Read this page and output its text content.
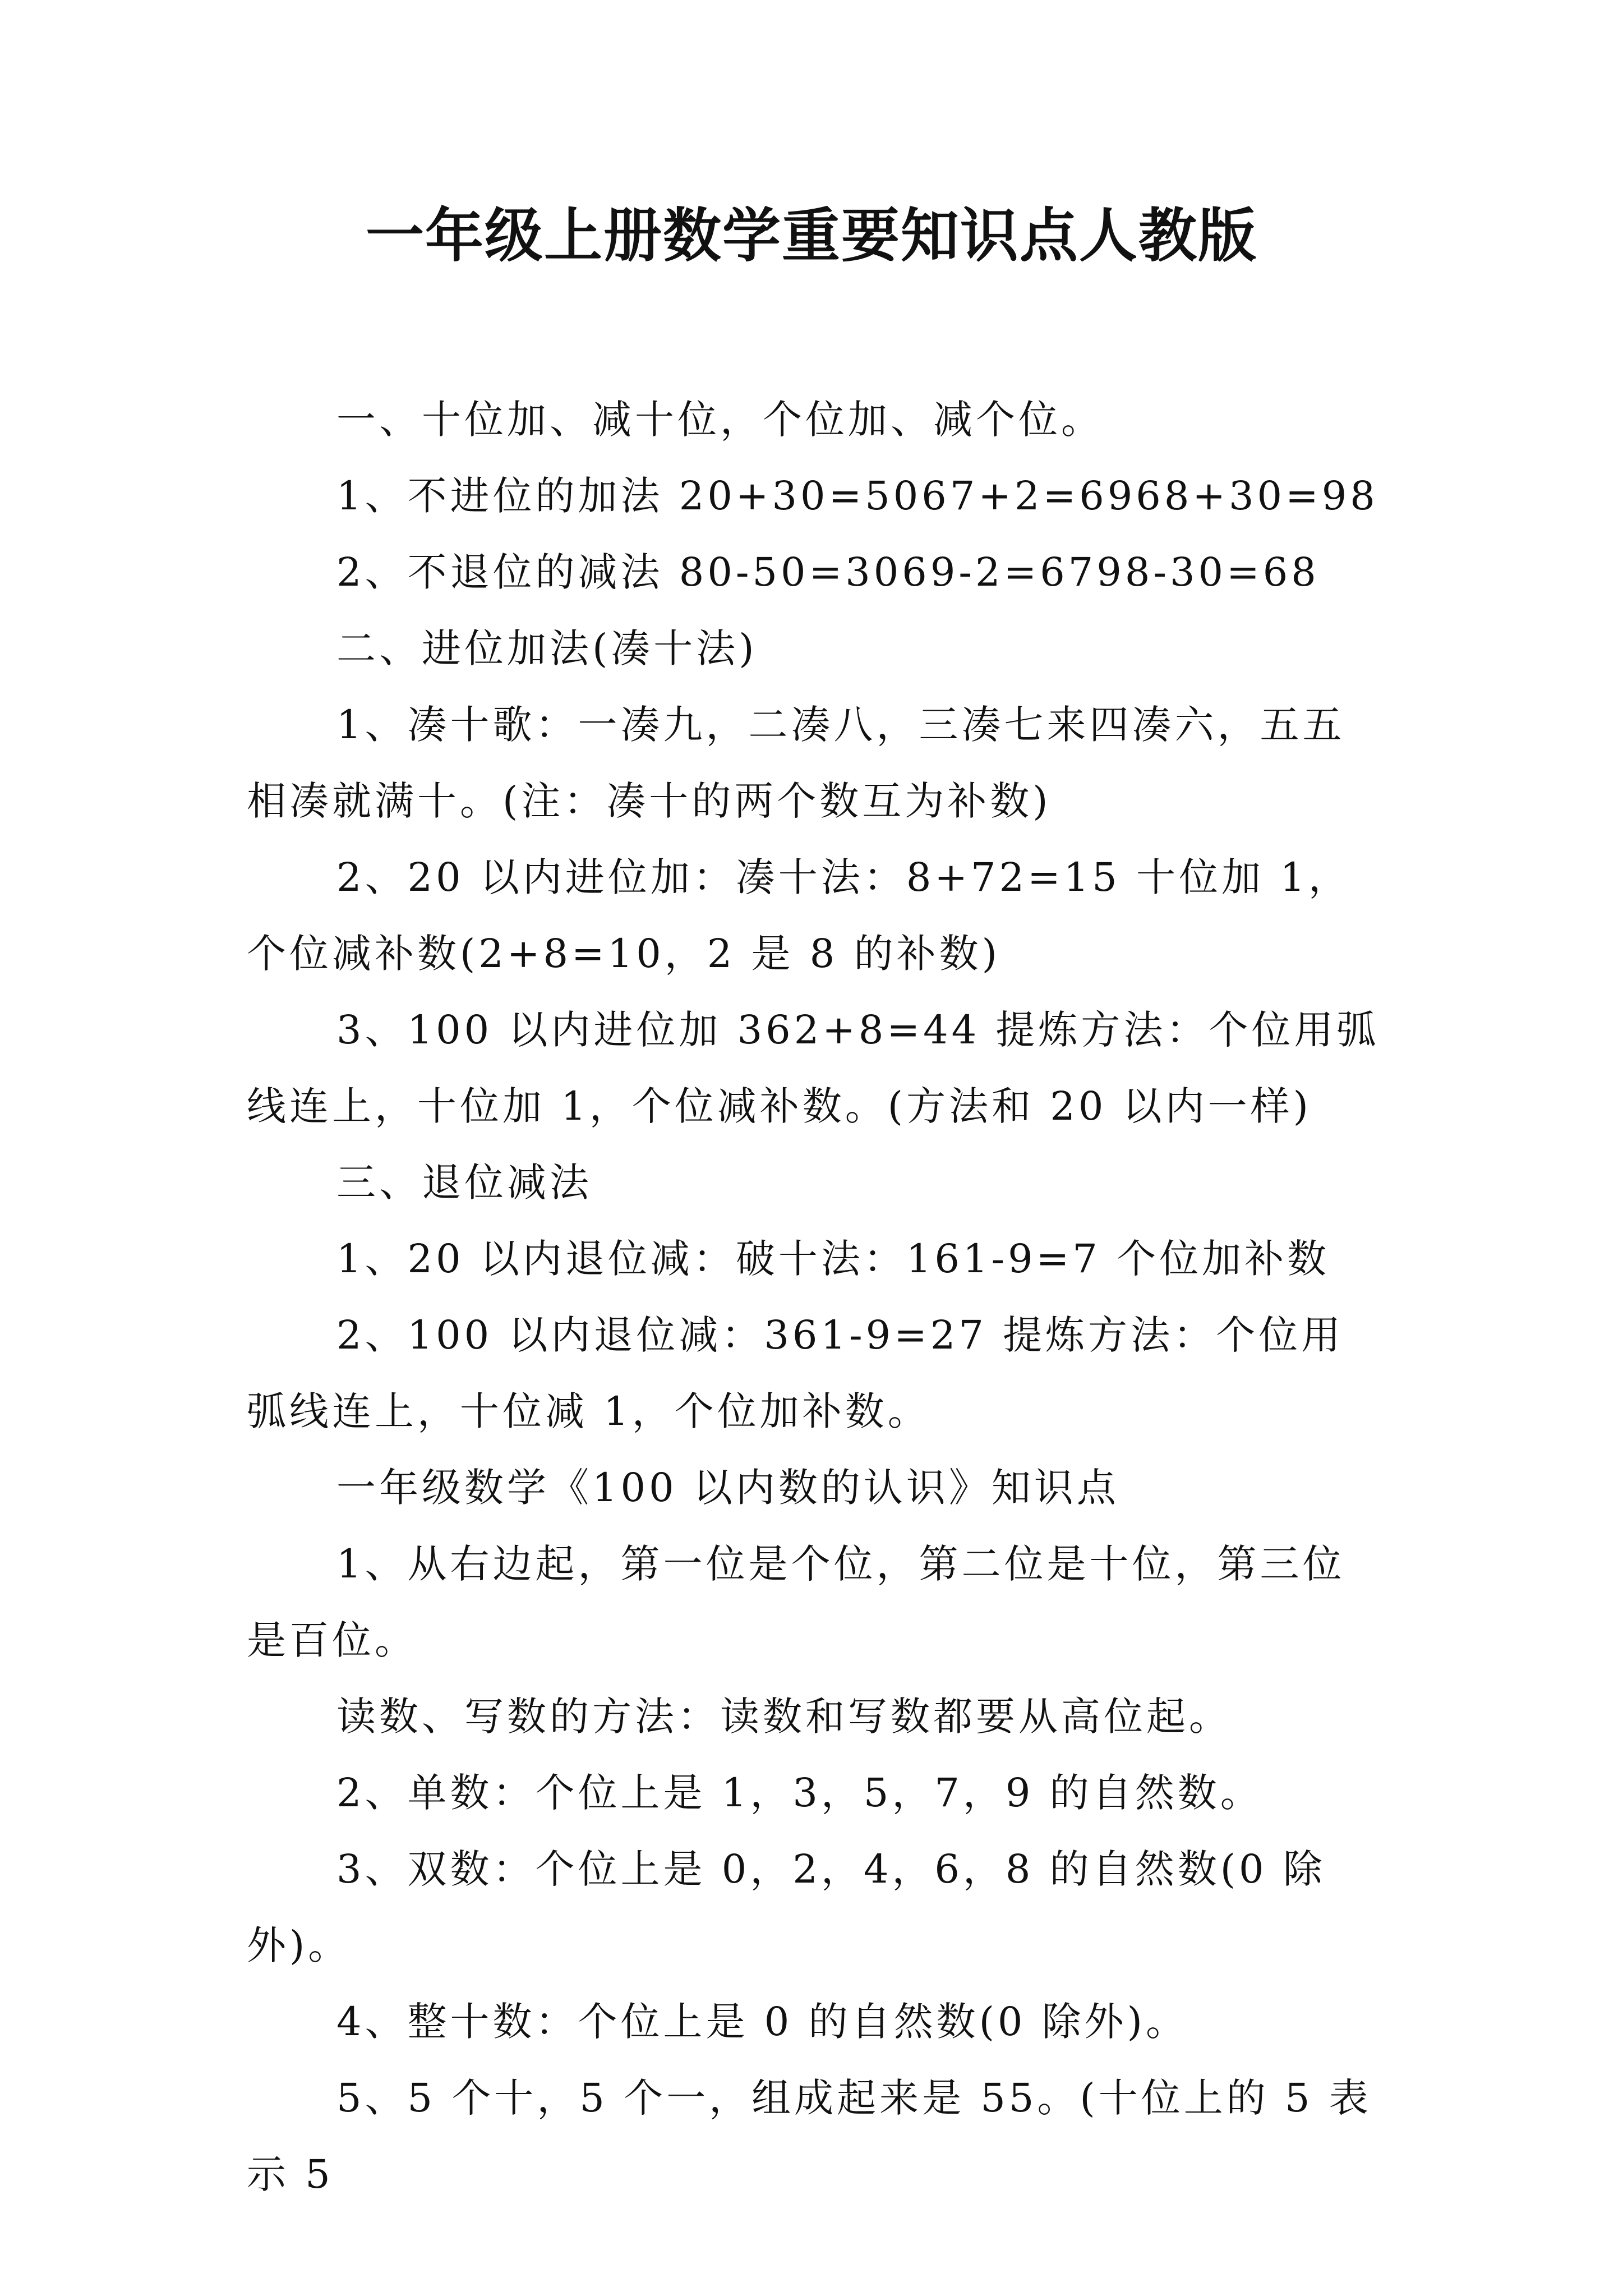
一年级上册数学重要知识点人教版

一、十位加、减十位，个位加、减个位。

1、不进位的加法 20+30=5067+2=6968+30=98

2、不退位的减法 80-50=3069-2=6798-30=68

二、进位加法(凑十法)

1、凑十歌：一凑九，二凑八，三凑七来四凑六，五五相凑就满十。(注：凑十的两个数互为补数)

2、20 以内进位加：凑十法：8+72=15 十位加 1，个位减补数(2+8=10，2 是 8 的补数)

3、100 以内进位加 362+8=44 提炼方法：个位用弧线连上，十位加 1，个位减补数。(方法和 20 以内一样)

三、退位减法

1、20 以内退位减：破十法：161-9=7 个位加补数

2、100 以内退位减：361-9=27 提炼方法：个位用弧线连上，十位减 1，个位加补数。

一年级数学《100 以内数的认识》知识点

1、从右边起，第一位是个位，第二位是十位，第三位是百位。

读数、写数的方法：读数和写数都要从高位起。

2、单数：个位上是 1，3，5，7，9 的自然数。

3、双数：个位上是 0，2，4，6，8 的自然数(0 除外)。

4、整十数：个位上是 0 的自然数(0 除外)。

5、5 个十，5 个一，组成起来是 55。(十位上的 5 表示 5
